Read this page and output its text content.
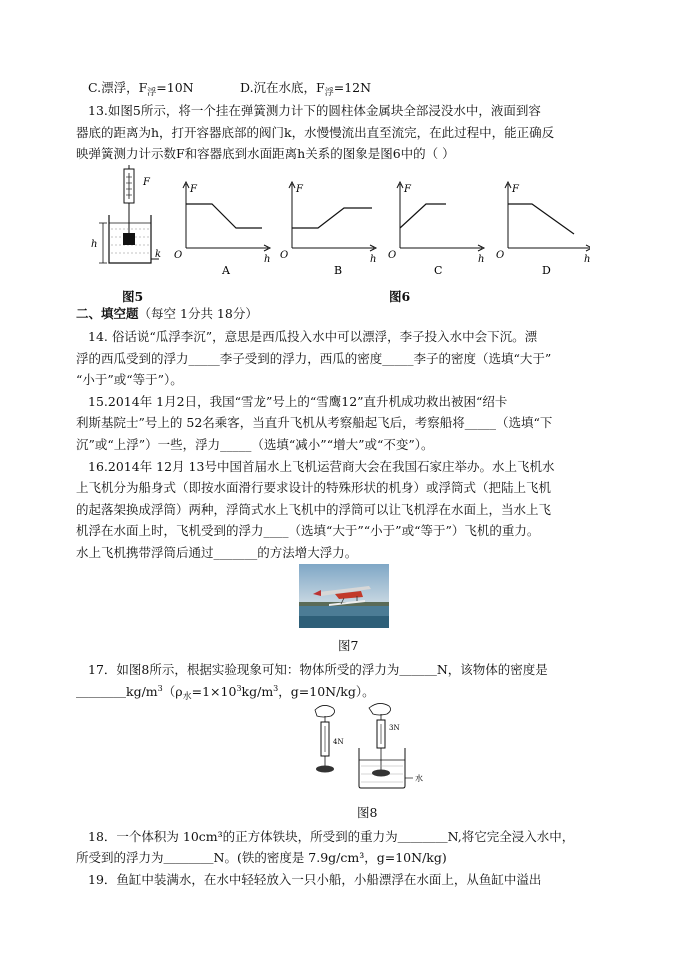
C.漂浮，$F_浮=10N$	D.沉在水底，$F_浮=12N$
13.如图5所示，将一个挂在弹簧测力计下的圆柱体金属块全部浸没水中，液面到容
器底的距离为h，打开容器底部的阀门k，水慢慢流出直至流完，在此过程中，能正确反
映弹簧测力计示数F和容器底到水面距离h关系的图象是图6中的（ ）
F
k
h
F
O	h
A
F
O	h
B
F
O	h
C
F
O	h
D
图5	图6
二、填空题（每空 1分共 18分）
14. 俗话说“瓜浮李沉”，意思是西瓜投入水中可以漂浮，李子投入水中会下沉。漂
浮的西瓜受到的浮力_____李子受到的浮力，西瓜的密度_____李子的密度（选填“大于”
“小于”或“等于”）。
15.2014年 1月2日，我国“雪龙”号上的“雪鹰12”直升机成功救出被困“绍卡
利斯基院士”号上的 52名乘客，当直升飞机从考察船起飞后，考察船将_____（选填“下
沉”或“上浮”）一些，浮力_____（选填“减小”“增大”或“不变”）。
16.2014年 12月 13号中国首届水上飞机运营商大会在我国石家庄举办。水上飞机水
上飞机分为船身式（即按水面滑行要求设计的特殊形状的机身）或浮筒式（把陆上飞机
的起落架换成浮筒）两种，浮筒式水上飞机中的浮筒可以让飞机浮在水面上，当水上飞
机浮在水面上时，飞机受到的浮力____（选填“大于”“小于”或“等于”）飞机的重力。
水上飞机携带浮筒后通过_______的方法增大浮力。
图7
17．如图8所示，根据实验现象可知：物体所受的浮力为＿＿＿N，该物体的密度是
$\_\_\_\_kg/m^3(\rho_水=1\times 10^3kg/m^3$，g=10N/kg）。
4N
3N
水
图8
18．一个体积为 10cm³的正方体铁块，所受到的重力为＿＿＿＿N,将它完全浸入水中，
所受到的浮力为＿＿＿＿N。(铁的密度是 7.9g/cm³，g=10N/kg)
19．鱼缸中装满水，在水中轻轻放入一只小船，小船漂浮在水面上，从鱼缸中溢出
